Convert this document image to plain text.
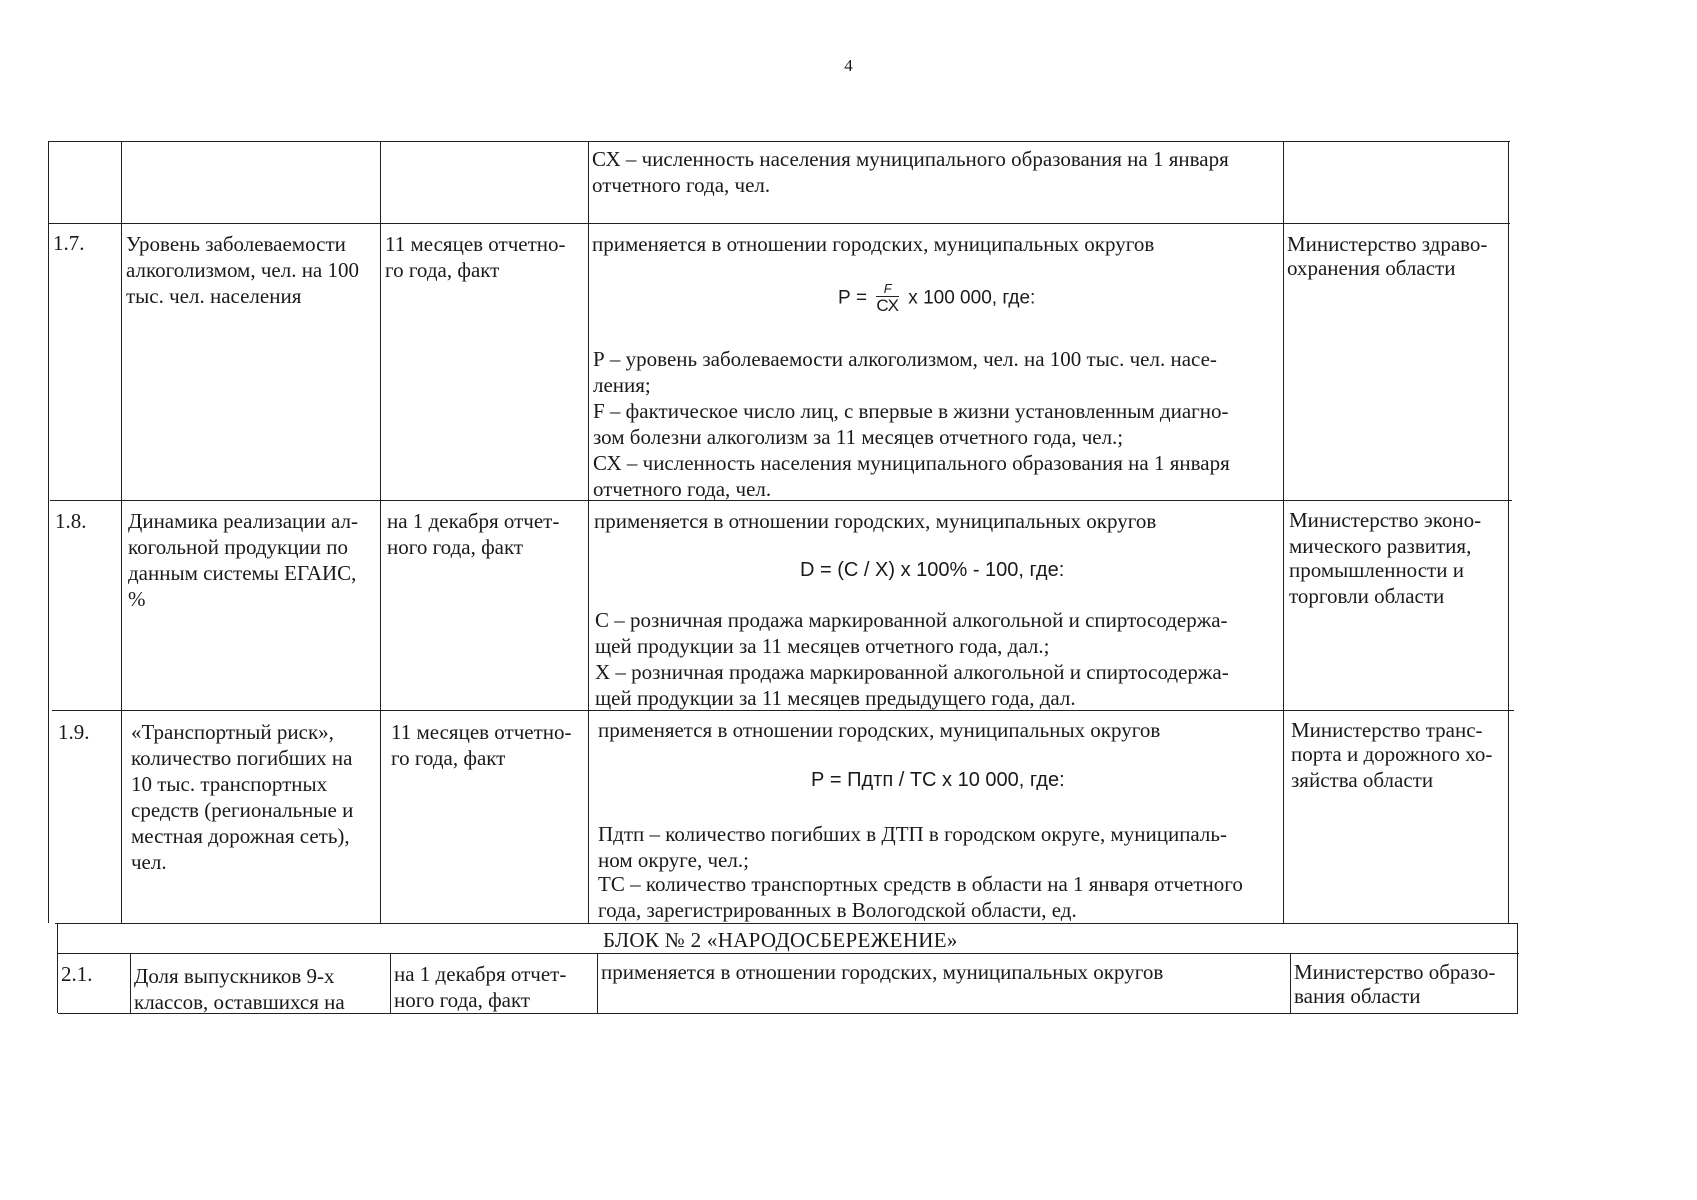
4
СХ – численность населения муниципального образования на 1 января
отчетного года, чел.
1.7. Уровень заболеваемости
алкоголизмом, чел. на 100
тыс. чел. населения
11 месяцев отчетно-
го года, факт
применяется в отношении городских, муниципальных округов
$Р = \frac{F}{СХ}$ х 100 000, где:
Р – уровень заболеваемости алкоголизмом, чел. на 100 тыс. чел. насе-
ления;
F – фактическое число лиц, с впервые в жизни установленным диагно-
зом болезни алкоголизм за 11 месяцев отчетного года, чел.;
СХ – численность населения муниципального образования на 1 января
отчетного года, чел.
Министерство здраво-
охранения области
1.8. Динамика реализации ал-
когольной продукции по
данным системы ЕГАИС,
%
на 1 декабря отчет-
ного года, факт
применяется в отношении городских, муниципальных округов
D = (С / Х) х 100% - 100, где:
С – розничная продажа маркированной алкогольной и спиртосодержа-
щей продукции за 11 месяцев отчетного года, дал.;
Х – розничная продажа маркированной алкогольной и спиртосодержа-
щей продукции за 11 месяцев предыдущего года, дал.
Министерство эконо-
мического развития,
промышленности и
торговли области
1.9. «Транспортный риск»,
количество погибших на
10 тыс. транспортных
средств (региональные и
местная дорожная сеть),
чел.
11 месяцев отчетно-
го года, факт
применяется в отношении городских, муниципальных округов
Р = Пдтп / ТС х 10 000, где:
Пдтп – количество погибших в ДТП в городском округе, муниципаль-
ном округе, чел.;
ТС – количество транспортных средств в области на 1 января отчетного
года, зарегистрированных в Вологодской области, ед.
Министерство транс-
порта и дорожного хо-
зяйства области
БЛОК № 2 «НАРОДОСБЕРЕЖЕНИЕ»
2.1. Доля выпускников 9-х
классов, оставшихся на
на 1 декабря отчет-
ного года, факт
применяется в отношении городских, муниципальных округов	Министерство образо-
вания области
